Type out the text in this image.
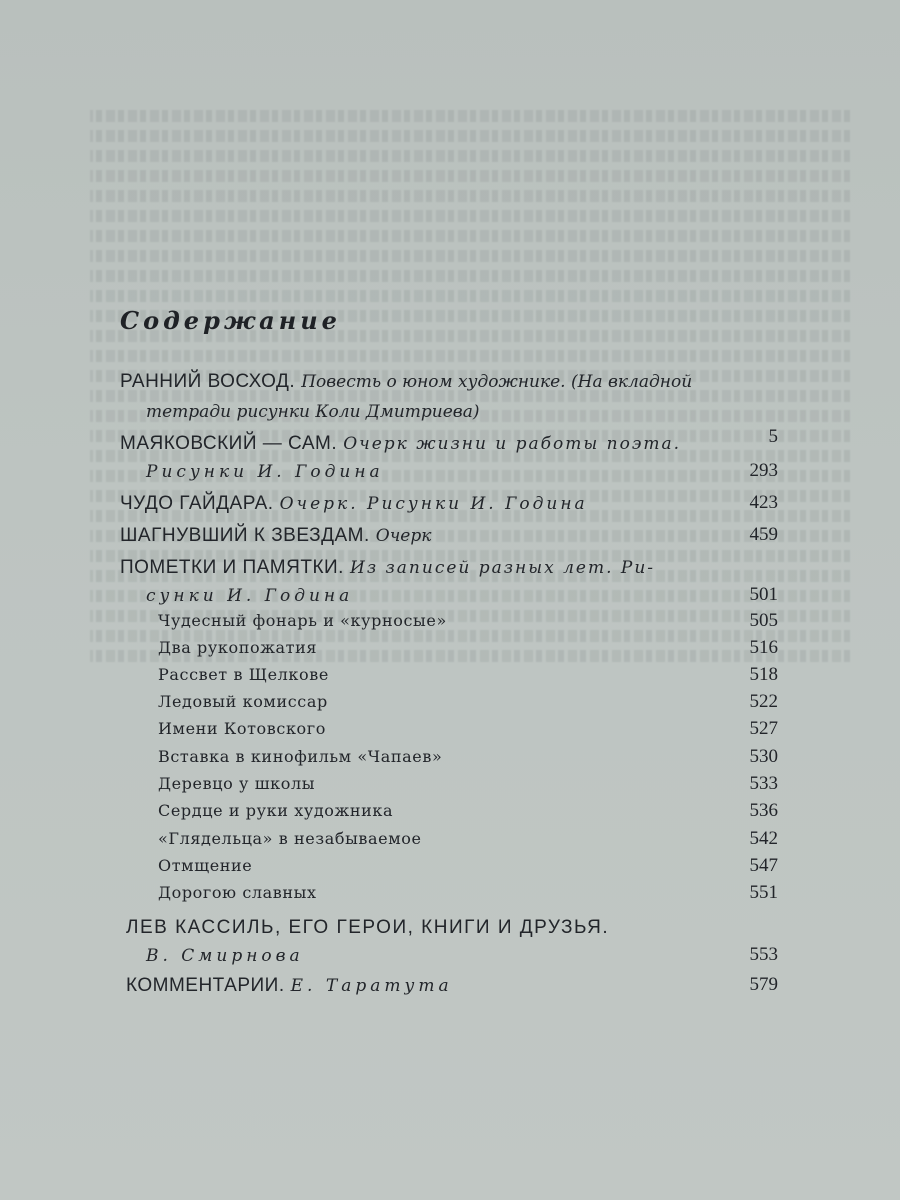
Содержание
РАННИЙ ВОСХОД. Повесть о юном художнике. (На вкладной
тетради рисунки Коли Дмитриева)
5
МАЯКОВСКИЙ — САМ. Очерк жизни и работы поэта.
Рисунки И. Година	293
ЧУДО ГАЙДАРА. Очерк. Рисунки И. Година	423
ШАГНУВШИЙ К ЗВЕЗДАМ. Очерк	459
ПОМЕТКИ И ПАМЯТКИ. Из записей разных лет. Ри-
сунки И. Година	501
Чудесный фонарь и «курносые»	505
Два рукопожатия	516
Рассвет в Щелкове	518
Ледовый комиссар	522
Имени Котовского	527
Вставка в кинофильм «Чапаев»	530
Деревцо у школы	533
Сердце и руки художника	536
«Глядельца» в незабываемое	542
Отмщение	547
Дорогою славных	551
ЛЕВ КАССИЛЬ, ЕГО ГЕРОИ, КНИГИ И ДРУЗЬЯ.
В. Смирнова	553
КОММЕНТАРИИ. Е. Таратута	579
